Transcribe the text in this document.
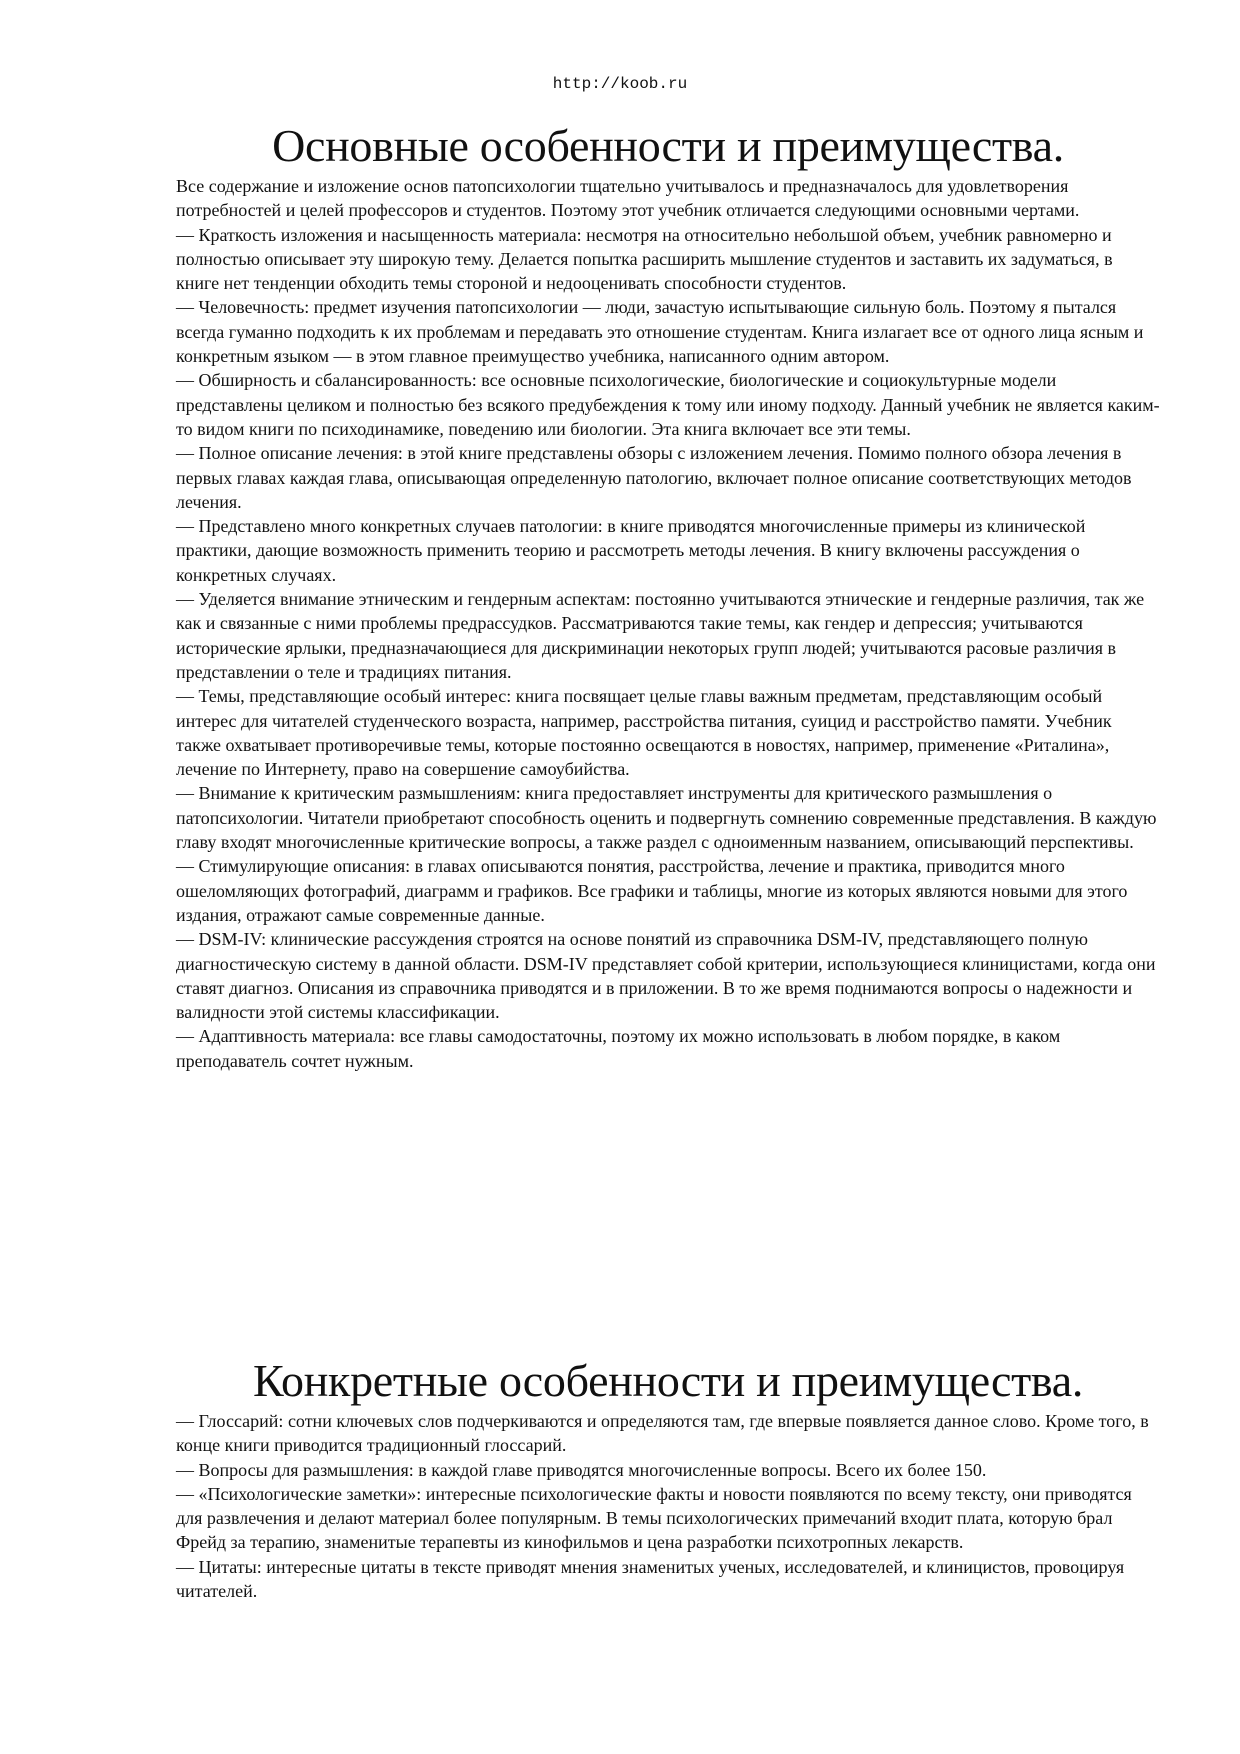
http://koob.ru
Основные особенности и преимущества.

Все содержание и изложение основ патопсихологии тщательно учитывалось и предназначалось для удовлетворения потребностей и целей профессоров и студентов. Поэтому этот учебник отличается следующими основными чертами.

— Краткость изложения и насыщенность материала: несмотря на относительно небольшой объем, учебник равномерно и полностью описывает эту широкую тему. Делается попытка расширить мышление студентов и заставить их задуматься, в книге нет тенденции обходить темы стороной и недооценивать способности студентов.

— Человечность: предмет изучения патопсихологии — люди, зачастую испытывающие сильную боль. Поэтому я пытался всегда гуманно подходить к их проблемам и передавать это отношение студентам. Книга излагает все от одного лица ясным и конкретным языком — в этом главное преимущество учебника, написанного одним автором.

— Обширность и сбалансированность: все основные психологические, биологические и социокультурные модели представлены целиком и полностью без всякого предубеждения к тому или иному подходу. Данный учебник не является каким-то видом книги по психодинамике, поведению или биологии. Эта книга включает все эти темы.

— Полное описание лечения: в этой книге представлены обзоры с изложением лечения. Помимо полного обзора лечения в первых главах каждая глава, описывающая определенную патологию, включает полное описание соответствующих методов лечения.

— Представлено много конкретных случаев патологии: в книге приводятся многочисленные примеры из клинической практики, дающие возможность применить теорию и рассмотреть методы лечения. В книгу включены рассуждения о конкретных случаях.

— Уделяется внимание этническим и гендерным аспектам: постоянно учитываются этнические и гендерные различия, так же как и связанные с ними проблемы предрассудков. Рассматриваются такие темы, как гендер и депрессия; учитываются исторические ярлыки, предназначающиеся для дискриминации некоторых групп людей; учитываются расовые различия в представлении о теле и традициях питания.

— Темы, представляющие особый интерес: книга посвящает целые главы важным предметам, представляющим особый интерес для читателей студенческого возраста, например, расстройства питания, суицид и расстройство памяти. Учебник также охватывает противоречивые темы, которые постоянно освещаются в новостях, например, применение «Риталина», лечение по Интернету, право на совершение самоубийства.

— Внимание к критическим размышлениям: книга предоставляет инструменты для критического размышления о патопсихологии. Читатели приобретают способность оценить и подвергнуть сомнению современные представления. В каждую главу входят многочисленные критические вопросы, а также раздел с одноименным названием, описывающий перспективы.

— Стимулирующие описания: в главах описываются понятия, расстройства, лечение и практика, приводится много ошеломляющих фотографий, диаграмм и графиков. Все графики и таблицы, многие из которых являются новыми для этого издания, отражают самые современные данные.

— DSM-IV: клинические рассуждения строятся на основе понятий из справочника DSM-IV, представляющего полную диагностическую систему в данной области. DSM-IV представляет собой критерии, использующиеся клиницистами, когда они ставят диагноз. Описания из справочника приводятся и в приложении. В то же время поднимаются вопросы о надежности и валидности этой системы классификации.

— Адаптивность материала: все главы самодостаточны, поэтому их можно использовать в любом порядке, в каком преподаватель сочтет нужным.

Конкретные особенности и преимущества.

— Глоссарий: сотни ключевых слов подчеркиваются и определяются там, где впервые появляется данное слово. Кроме того, в конце книги приводится традиционный глоссарий.

— Вопросы для размышления: в каждой главе приводятся многочисленные вопросы. Всего их более 150.

— «Психологические заметки»: интересные психологические факты и новости появляются по всему тексту, они приводятся для развлечения и делают материал более популярным. В темы психологических примечаний входит плата, которую брал Фрейд за терапию, знаменитые терапевты из кинофильмов и цена разработки психотропных лекарств.

— Цитаты: интересные цитаты в тексте приводят мнения знаменитых ученых, исследователей, и клиницистов, провоцируя читателей.
